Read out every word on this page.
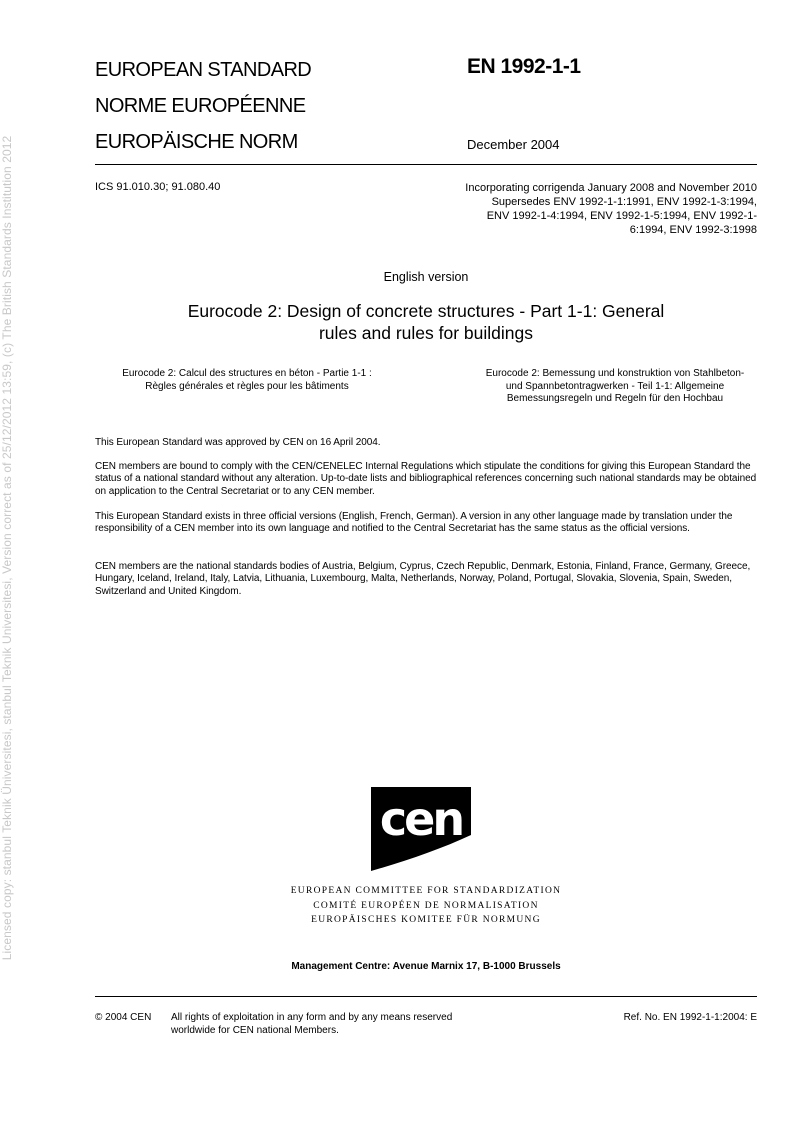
Licensed copy: stanbul Teknik Üniversitesi, stanbul Teknik Universitesi, Version correct as of 25/12/2012 13:59, (c) The British Standards Institution 2012
EUROPEAN STANDARD
NORME EUROPÉENNE
EUROPÄISCHE NORM
EN 1992-1-1
December 2004
ICS 91.010.30; 91.080.40	Incorporating corrigenda January 2008 and November 2010
Supersedes ENV 1992-1-1:1991, ENV 1992-1-3:1994,
ENV 1992-1-4:1994, ENV 1992-1-5:1994, ENV 1992-1-
6:1994, ENV 1992-3:1998
English version
Eurocode 2: Design of concrete structures - Part 1-1: General
rules and rules for buildings
Eurocode 2: Calcul des structures en béton - Partie 1-1 :
Règles générales et règles pour les bâtiments
Eurocode 2: Bemessung und konstruktion von Stahlbeton-
und Spannbetontragwerken - Teil 1-1: Allgemeine
Bemessungsregeln und Regeln für den Hochbau
This European Standard was approved by CEN on 16 April 2004.
CEN members are bound to comply with the CEN/CENELEC Internal Regulations which stipulate the conditions for giving this European Standard the status of a national standard without any alteration. Up-to-date lists and bibliographical references concerning such national standards may be obtained on application to the Central Secretariat or to any CEN member.
This European Standard exists in three official versions (English, French, German). A version in any other language made by translation under the responsibility of a CEN member into its own language and notified to the Central Secretariat has the same status as the official versions.
CEN members are the national standards bodies of Austria, Belgium, Cyprus, Czech Republic, Denmark, Estonia, Finland, France, Germany, Greece, Hungary, Iceland, Ireland, Italy, Latvia, Lithuania, Luxembourg, Malta, Netherlands, Norway, Poland, Portugal, Slovakia, Slovenia, Spain, Sweden, Switzerland and United Kingdom.
cen
EUROPEAN COMMITTEE FOR STANDARDIZATION
COMITÉ EUROPÉEN DE NORMALISATION
EUROPÄISCHES KOMITEE FÜR NORMUNG
Management Centre: Avenue Marnix 17, B-1000 Brussels
© 2004 CEN All rights of exploitation in any form and by any means reserved
worldwide for CEN national Members.
Ref. No. EN 1992-1-1:2004: E
